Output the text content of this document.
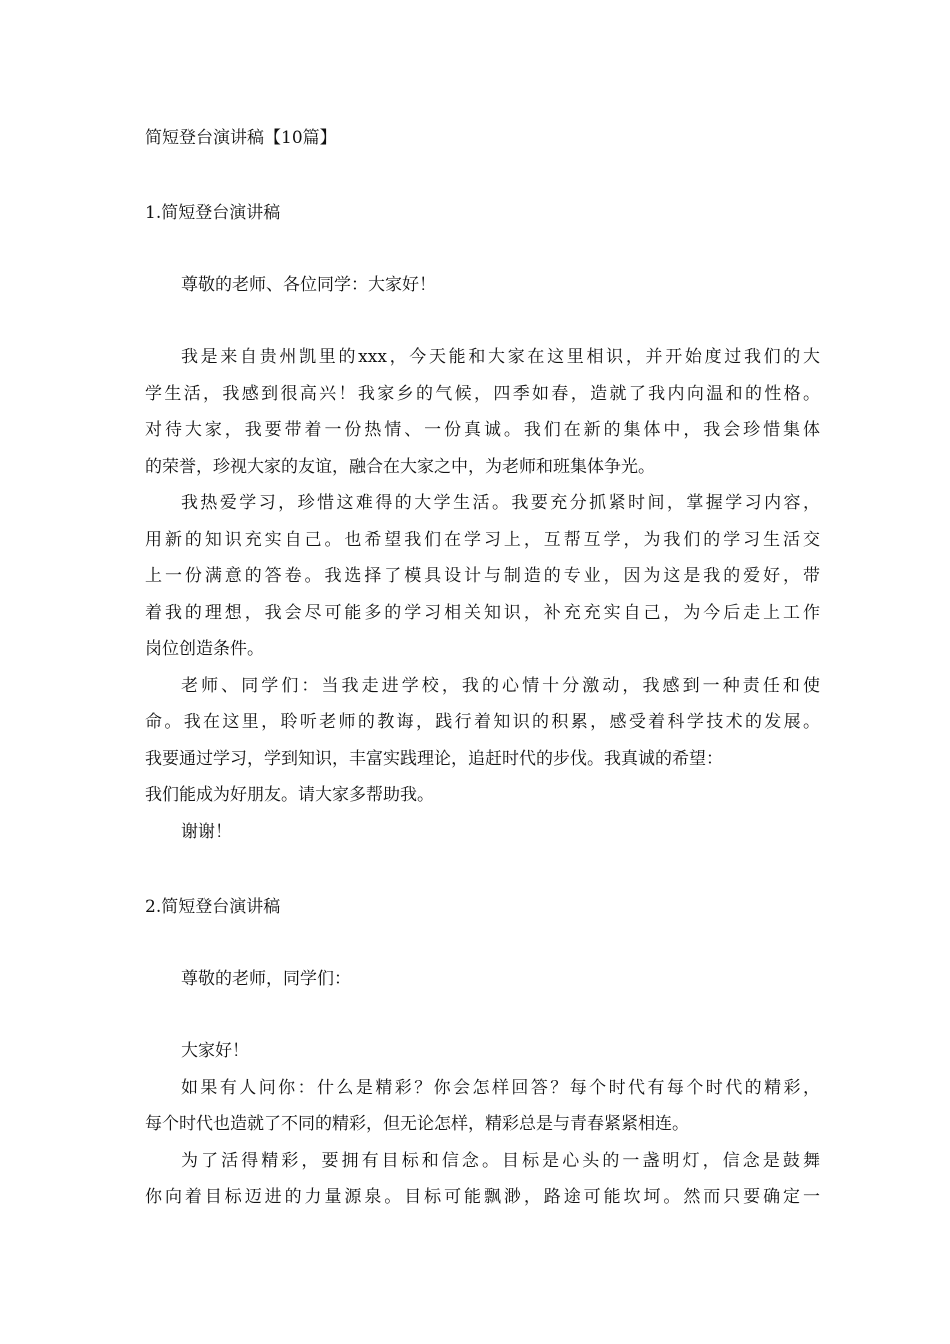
简短登台演讲稿【10篇】
1.简短登台演讲稿
尊敬的老师、各位同学：大家好！
我是来自贵州凯里的xxx，今天能和大家在这里相识，并开始度过我们的大
学生活，我感到很高兴！我家乡的气候，四季如春，造就了我内向温和的性格。
对待大家，我要带着一份热情、一份真诚。我们在新的集体中，我会珍惜集体
的荣誉，珍视大家的友谊，融合在大家之中，为老师和班集体争光。
我热爱学习，珍惜这难得的大学生活。我要充分抓紧时间，掌握学习内容，
用新的知识充实自己。也希望我们在学习上，互帮互学，为我们的学习生活交
上一份满意的答卷。我选择了模具设计与制造的专业，因为这是我的爱好，带
着我的理想，我会尽可能多的学习相关知识，补充充实自己，为今后走上工作
岗位创造条件。
老师、同学们：当我走进学校，我的心情十分激动，我感到一种责任和使
命。我在这里，聆听老师的教诲，践行着知识的积累，感受着科学技术的发展。
我要通过学习，学到知识，丰富实践理论，追赶时代的步伐。我真诚的希望：
我们能成为好朋友。请大家多帮助我。
谢谢！
2.简短登台演讲稿
尊敬的老师，同学们：
大家好！
如果有人问你：什么是精彩？你会怎样回答？每个时代有每个时代的精彩，
每个时代也造就了不同的精彩，但无论怎样，精彩总是与青春紧紧相连。
为了活得精彩，要拥有目标和信念。目标是心头的一盏明灯，信念是鼓舞
你向着目标迈进的力量源泉。目标可能飘渺，路途可能坎坷。然而只要确定一
